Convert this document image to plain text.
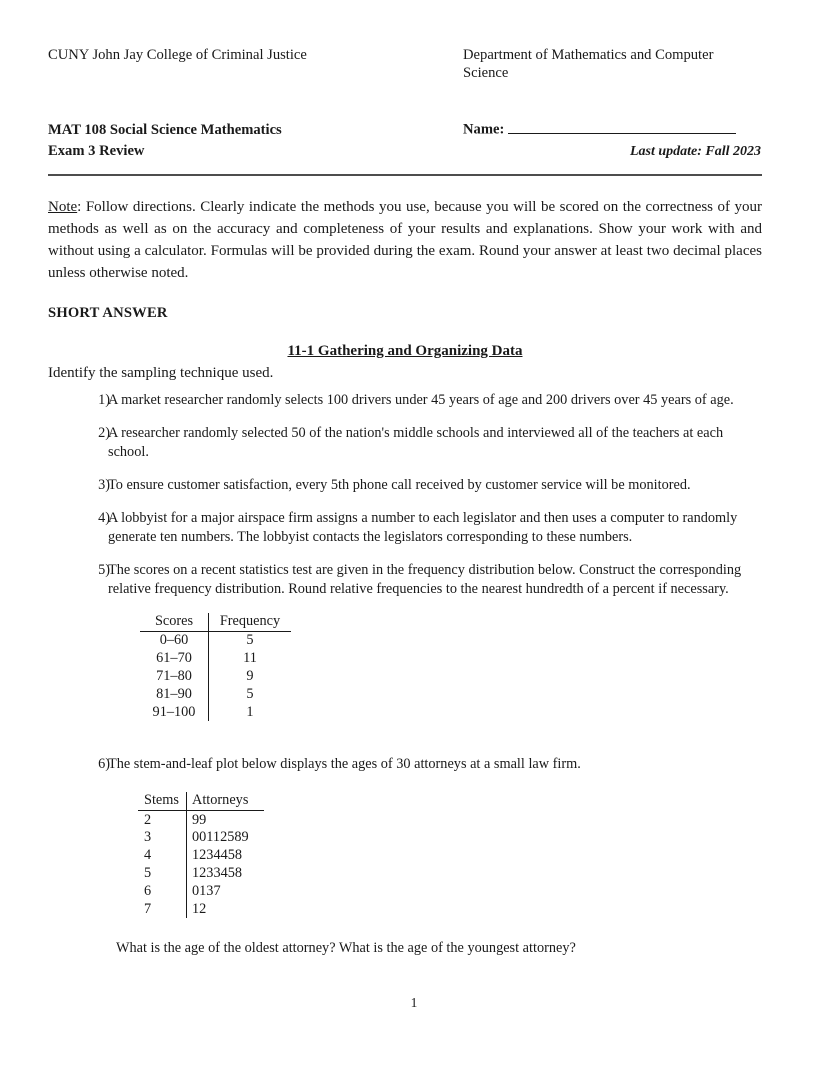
CUNY John Jay College of Criminal Justice	Department of Mathematics and Computer Science
MAT 108 Social Science Mathematics
Exam 3 Review
Name:
Last update: Fall 2023
Note: Follow directions. Clearly indicate the methods you use, because you will be scored on the correctness of your methods as well as on the accuracy and completeness of your results and explanations. Show your work with and without using a calculator. Formulas will be provided during the exam. Round your answer at least two decimal places unless otherwise noted.
SHORT ANSWER
11-1 Gathering and Organizing Data
Identify the sampling technique used.
1)
A market researcher randomly selects 100 drivers under 45 years of age and 200 drivers over 45 years of age.
2)
A researcher randomly selected 50 of the nation's middle schools and interviewed all of the teachers at each school.
3)
To ensure customer satisfaction, every 5th phone call received by customer service will be monitored.
4)
A lobbyist for a major airspace firm assigns a number to each legislator and then uses a computer to randomly generate ten numbers. The lobbyist contacts the legislators corresponding to these numbers.
5)
The scores on a recent statistics test are given in the frequency distribution below. Construct the corresponding relative frequency distribution. Round relative frequencies to the nearest hundredth of a percent if necessary.
Scores	Frequency
0–60	5
61–70	11
71–80	9
81–90	5
91–100	1
6)
The stem-and-leaf plot below displays the ages of 30 attorneys at a small law firm.
Stems	Attorneys
2	99
3	00112589
4	1234458
5	1233458
6	0137
7	12
What is the age of the oldest attorney? What is the age of the youngest attorney?
1
